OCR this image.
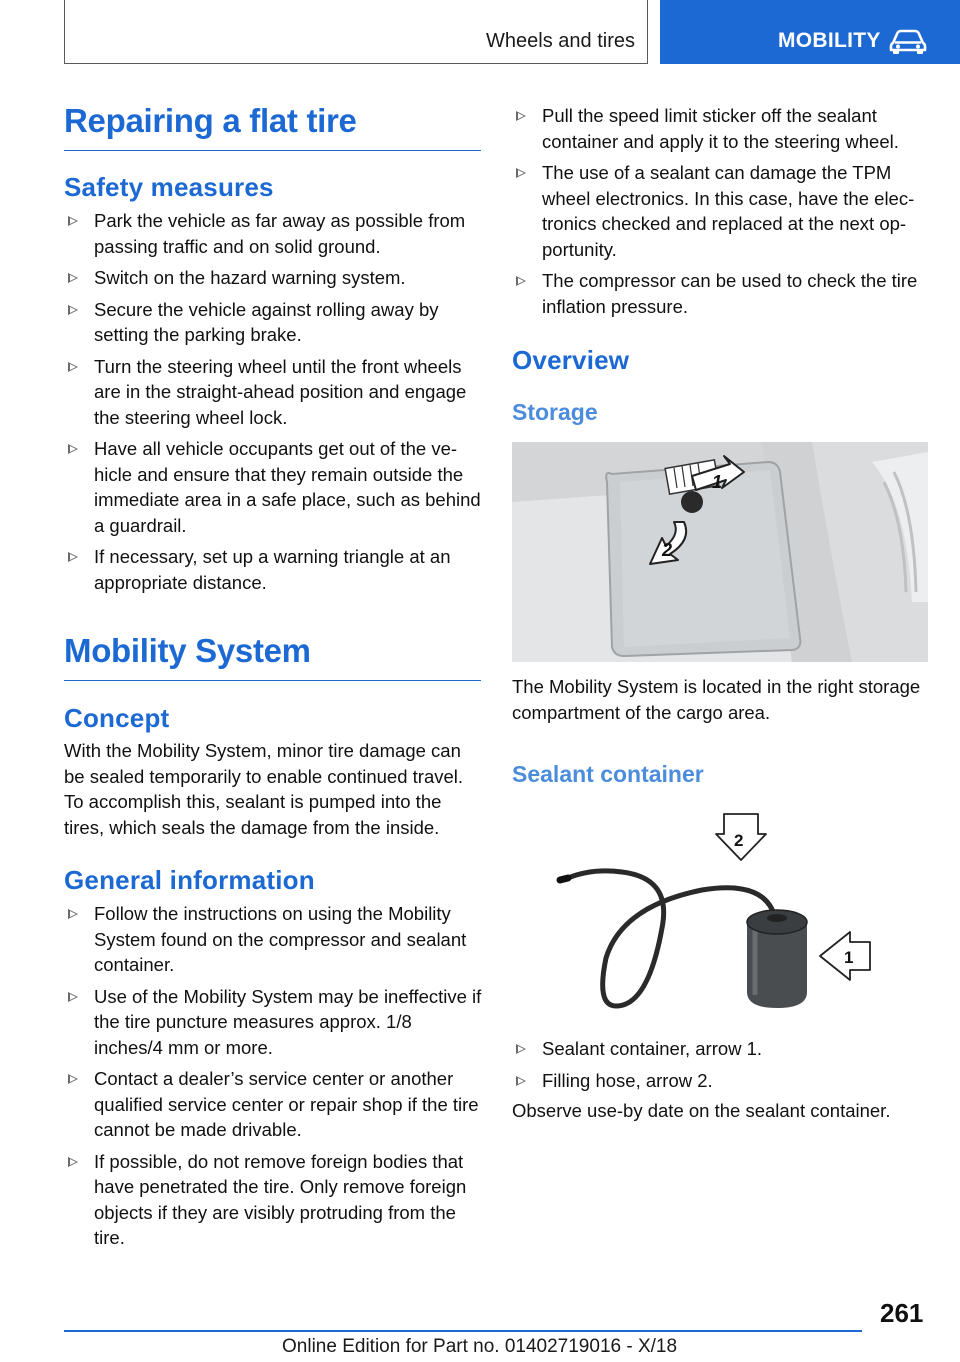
Wheels and tires	MOBILITY
Repairing a flat tire
Safety measures
Park the vehicle as far away as possible from passing traffic and on solid ground.
Switch on the hazard warning system.
Secure the vehicle against rolling away by setting the parking brake.
Turn the steering wheel until the front wheels are in the straight-ahead position and engage the steering wheel lock.
Have all vehicle occupants get out of the vehicle and ensure that they remain outside the immediate area in a safe place, such as behind a guardrail.
If necessary, set up a warning triangle at an appropriate distance.
Mobility System
Concept

With the Mobility System, minor tire damage can be sealed temporarily to enable continued travel. To accomplish this, sealant is pumped into the tires, which seals the damage from the inside.

General information
Follow the instructions on using the Mobility System found on the compressor and sealant container.
Use of the Mobility System may be ineffective if the tire puncture measures approx. 1/8 inches/4 mm or more.
Contact a dealer’s service center or another qualified service center or repair shop if the tire cannot be made drivable.
If possible, do not remove foreign bodies that have penetrated the tire. Only remove foreign objects if they are visibly protruding from the tire.
Pull the speed limit sticker off the sealant container and apply it to the steering wheel.
The use of a sealant can damage the TPM wheel electronics. In this case, have the electronics checked and replaced at the next opportunity.
The compressor can be used to check the tire inflation pressure.
Overview
Storage
1
2

The Mobility System is located in the right storage compartment of the cargo area.

Sealant container
2
1
Sealant container, arrow 1.
Filling hose, arrow 2.

Observe use-by date on the sealant container.

261
Online Edition for Part no. 01402719016 - X/18
